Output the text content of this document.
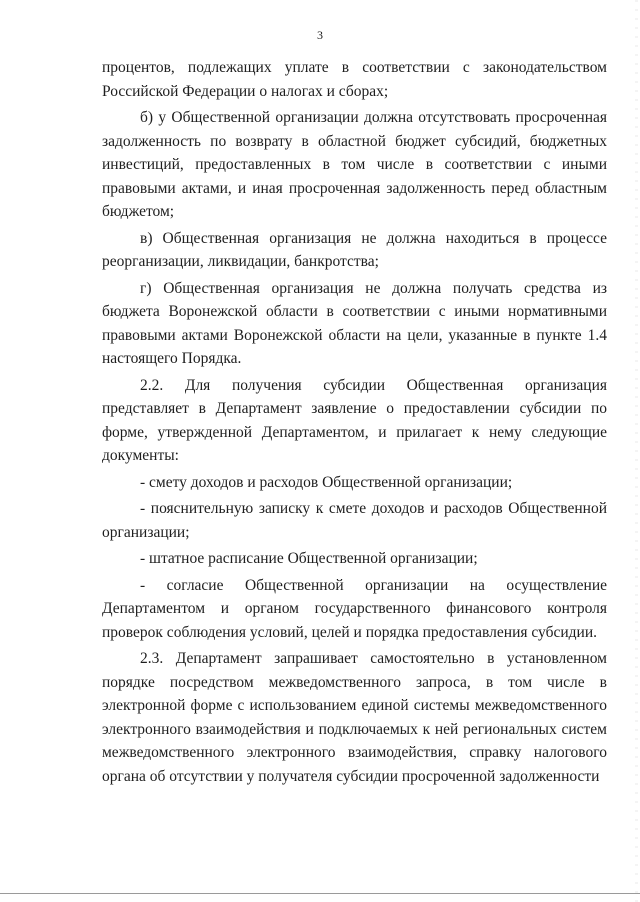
3

процентов, подлежащих уплате в соответствии с законодательством Российской Федерации о налогах и сборах;

б) у Общественной организации должна отсутствовать просроченная задолженность по возврату в областной бюджет субсидий, бюджетных инвестиций, предоставленных в том числе в соответствии с иными правовыми актами, и иная просроченная задолженность перед областным бюджетом;

в) Общественная организация не должна находиться в процессе реорганизации, ликвидации, банкротства;

г) Общественная организация не должна получать средства из бюджета Воронежской области в соответствии с иными нормативными правовыми актами Воронежской области на цели, указанные в пункте 1.4 настоящего Порядка.

2.2. Для получения субсидии Общественная организация представляет в Департамент заявление о предоставлении субсидии по форме, утвержденной Департаментом, и прилагает к нему следующие документы:

- смету доходов и расходов Общественной организации;

- пояснительную записку к смете доходов и расходов Общественной организации;

- штатное расписание Общественной организации;

- согласие Общественной организации на осуществление Департаментом и органом государственного финансового контроля проверок соблюдения условий, целей и порядка предоставления субсидии.

2.3. Департамент запрашивает самостоятельно в установленном порядке посредством межведомственного запроса, в том числе в электронной форме с использованием единой системы межведомственного электронного взаимодействия и подключаемых к ней региональных систем межведомственного электронного взаимодействия, справку налогового органа об отсутствии у получателя субсидии просроченной задолженности
